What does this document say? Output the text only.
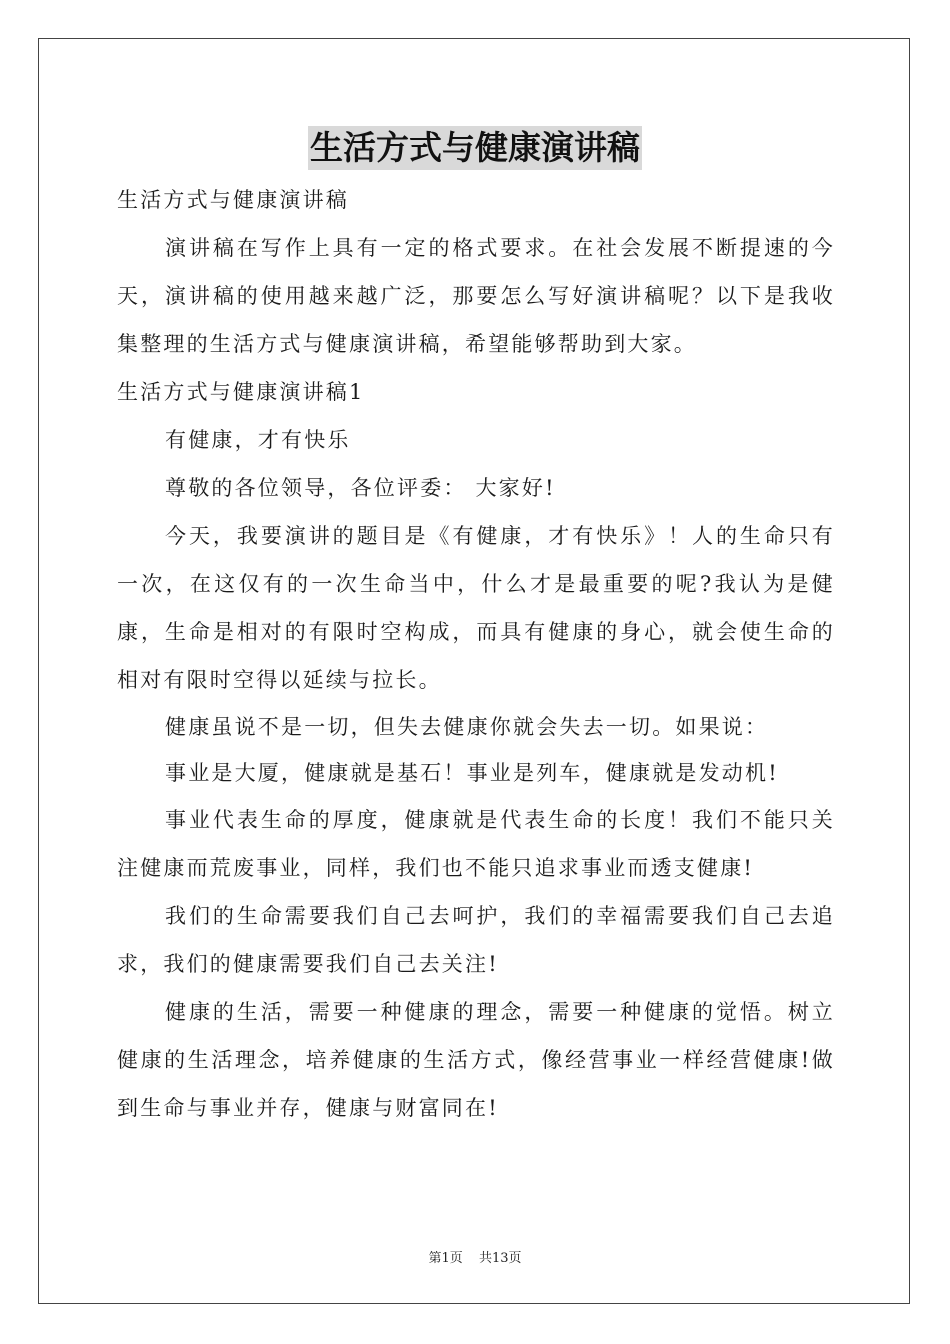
生活方式与健康演讲稿

生活方式与健康演讲稿

演讲稿在写作上具有一定的格式要求。在社会发展不断提速的今天，演讲稿的使用越来越广泛，那要怎么写好演讲稿呢？以下是我收集整理的生活方式与健康演讲稿，希望能够帮助到大家。

生活方式与健康演讲稿1

有健康，才有快乐

尊敬的各位领导，各位评委： 大家好!

今天，我要演讲的题目是《有健康，才有快乐》！人的生命只有一次，在这仅有的一次生命当中，什么才是最重要的呢?我认为是健康，生命是相对的有限时空构成，而具有健康的身心，就会使生命的相对有限时空得以延续与拉长。

健康虽说不是一切，但失去健康你就会失去一切。如果说：

事业是大厦，健康就是基石！事业是列车，健康就是发动机!

事业代表生命的厚度，健康就是代表生命的长度！我们不能只关注健康而荒废事业，同样，我们也不能只追求事业而透支健康!

我们的生命需要我们自己去呵护，我们的幸福需要我们自己去追求，我们的健康需要我们自己去关注!

健康的生活，需要一种健康的理念，需要一种健康的觉悟。树立健康的生活理念，培养健康的生活方式，像经营事业一样经营健康!做到生命与事业并存，健康与财富同在!

第1页 共13页
